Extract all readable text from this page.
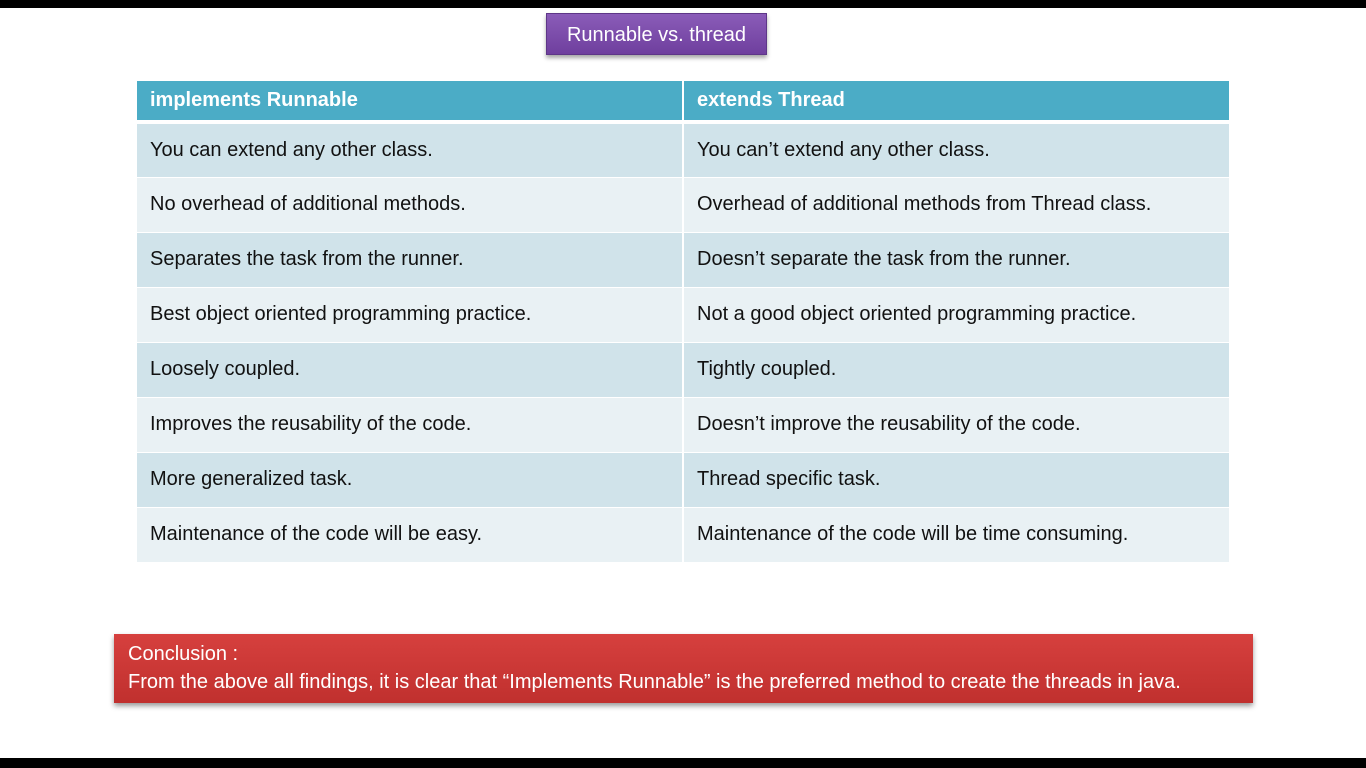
Runnable vs. thread
implements Runnable	extends Thread
You can extend any other class.	You can’t extend any other class.
No overhead of additional methods.	Overhead of additional methods from Thread class.
Separates the task from the runner.	Doesn’t separate the task from the runner.
Best object oriented programming practice.	Not a good object oriented programming practice.
Loosely coupled.	Tightly coupled.
Improves the reusability of the code.	Doesn’t improve the reusability of the code.
More generalized task.	Thread specific task.
Maintenance of the code will be easy.	Maintenance of the code will be time consuming.
Conclusion :
From the above all findings, it is clear that “Implements Runnable” is the preferred method to create the threads in java.
